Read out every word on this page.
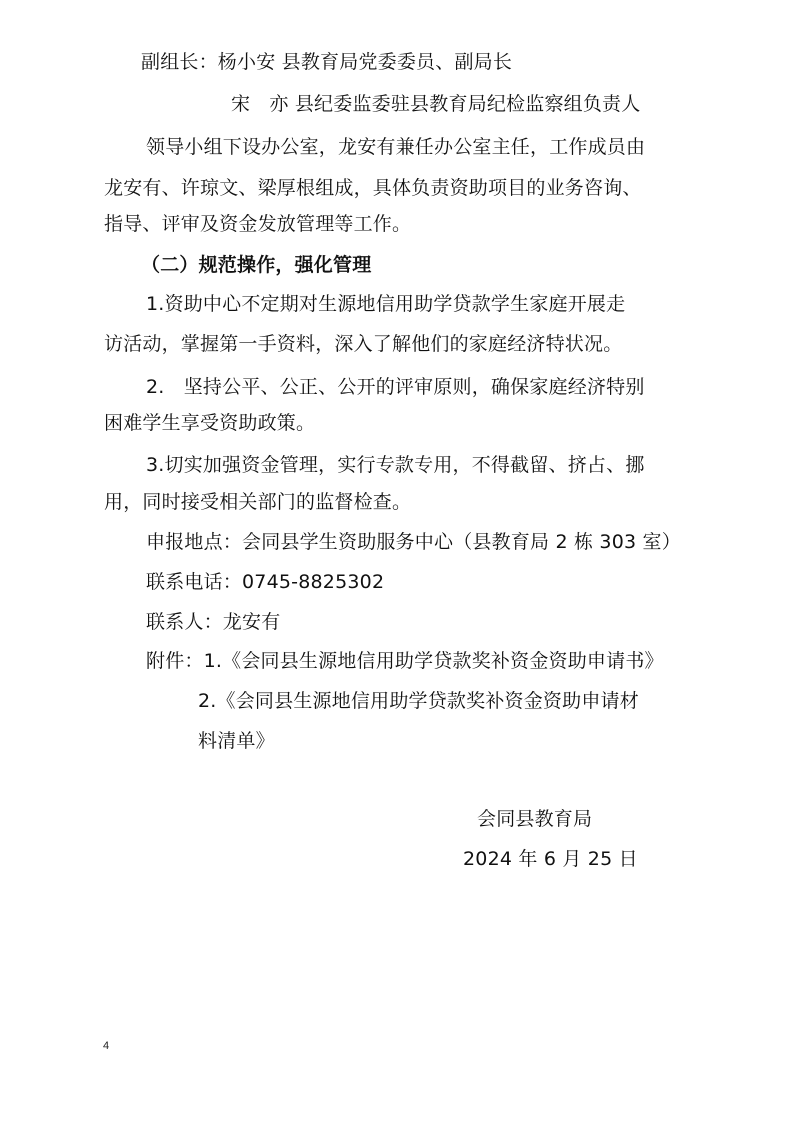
副组长：杨小安 县教育局党委委员、副局长
宋　亦 县纪委监委驻县教育局纪检监察组负责人
领导小组下设办公室，龙安有兼任办公室主任，工作成员由
龙安有、许琼文、梁厚根组成，具体负责资助项目的业务咨询、
指导、评审及资金发放管理等工作。
（二）规范操作，强化管理
1.资助中心不定期对生源地信用助学贷款学生家庭开展走
访活动，掌握第一手资料，深入了解他们的家庭经济特状况。
2.　坚持公平、公正、公开的评审原则，确保家庭经济特别
困难学生享受资助政策。
3.切实加强资金管理，实行专款专用，不得截留、挤占、挪
用，同时接受相关部门的监督检查。
申报地点：会同县学生资助服务中心（县教育局 2 栋 303 室）
联系电话：0745-8825302
联系人：龙安有
附件：1.《会同县生源地信用助学贷款奖补资金资助申请书》
2.《会同县生源地信用助学贷款奖补资金资助申请材
料清单》
会同县教育局
2024 年 6 月 25 日
4
